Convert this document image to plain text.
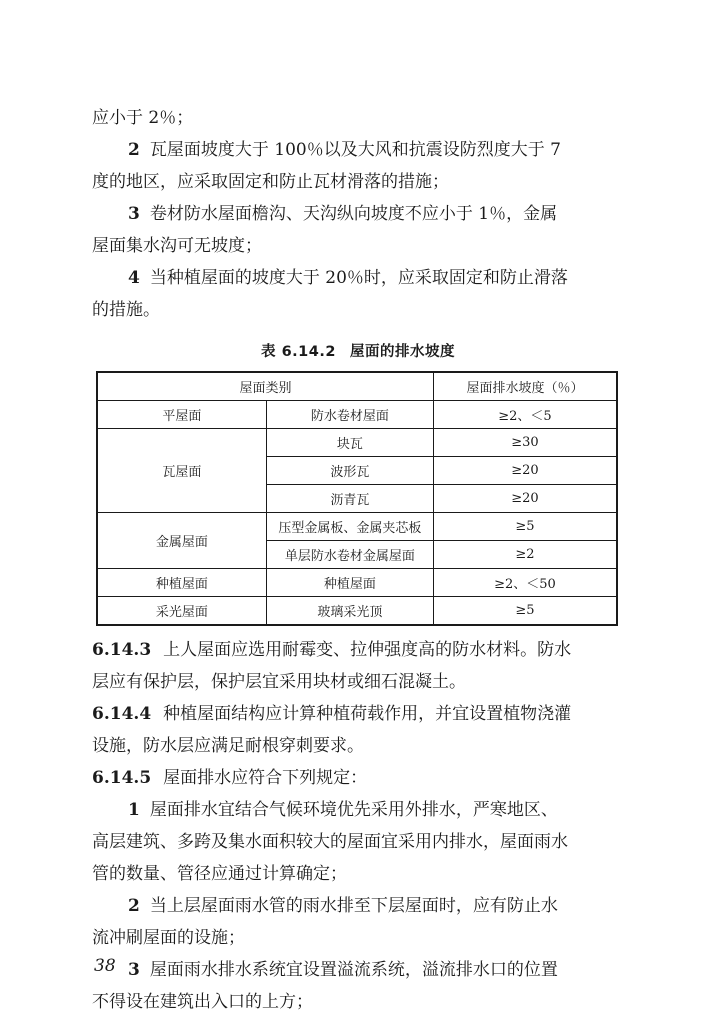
应小于 2％；
2 瓦屋面坡度大于 100％以及大风和抗震设防烈度大于 7
度的地区，应采取固定和防止瓦材滑落的措施；
3 卷材防水屋面檐沟、天沟纵向坡度不应小于 1％，金属
屋面集水沟可无坡度；
4 当种植屋面的坡度大于 20％时，应采取固定和防止滑落
的措施。
表 6.14.2 屋面的排水坡度
屋面类别		屋面排水坡度（％）
平屋面	防水卷材屋面	≥2、＜5
瓦屋面	块瓦	≥30
	波形瓦	≥20
	沥青瓦	≥20
金属屋面	压型金属板、金属夹芯板	≥5
	单层防水卷材金属屋面	≥2
种植屋面	种植屋面	≥2、＜50
采光屋面	玻璃采光顶	≥5
6.14.3 上人屋面应选用耐霉变、拉伸强度高的防水材料。防水
层应有保护层，保护层宜采用块材或细石混凝土。
6.14.4 种植屋面结构应计算种植荷载作用，并宜设置植物浇灌
设施，防水层应满足耐根穿刺要求。
6.14.5 屋面排水应符合下列规定：
1 屋面排水宜结合气候环境优先采用外排水，严寒地区、
高层建筑、多跨及集水面积较大的屋面宜采用内排水，屋面雨水
管的数量、管径应通过计算确定；
2 当上层屋面雨水管的雨水排至下层屋面时，应有防止水
流冲刷屋面的设施；
3 屋面雨水排水系统宜设置溢流系统，溢流排水口的位置
不得设在建筑出入口的上方；
38
